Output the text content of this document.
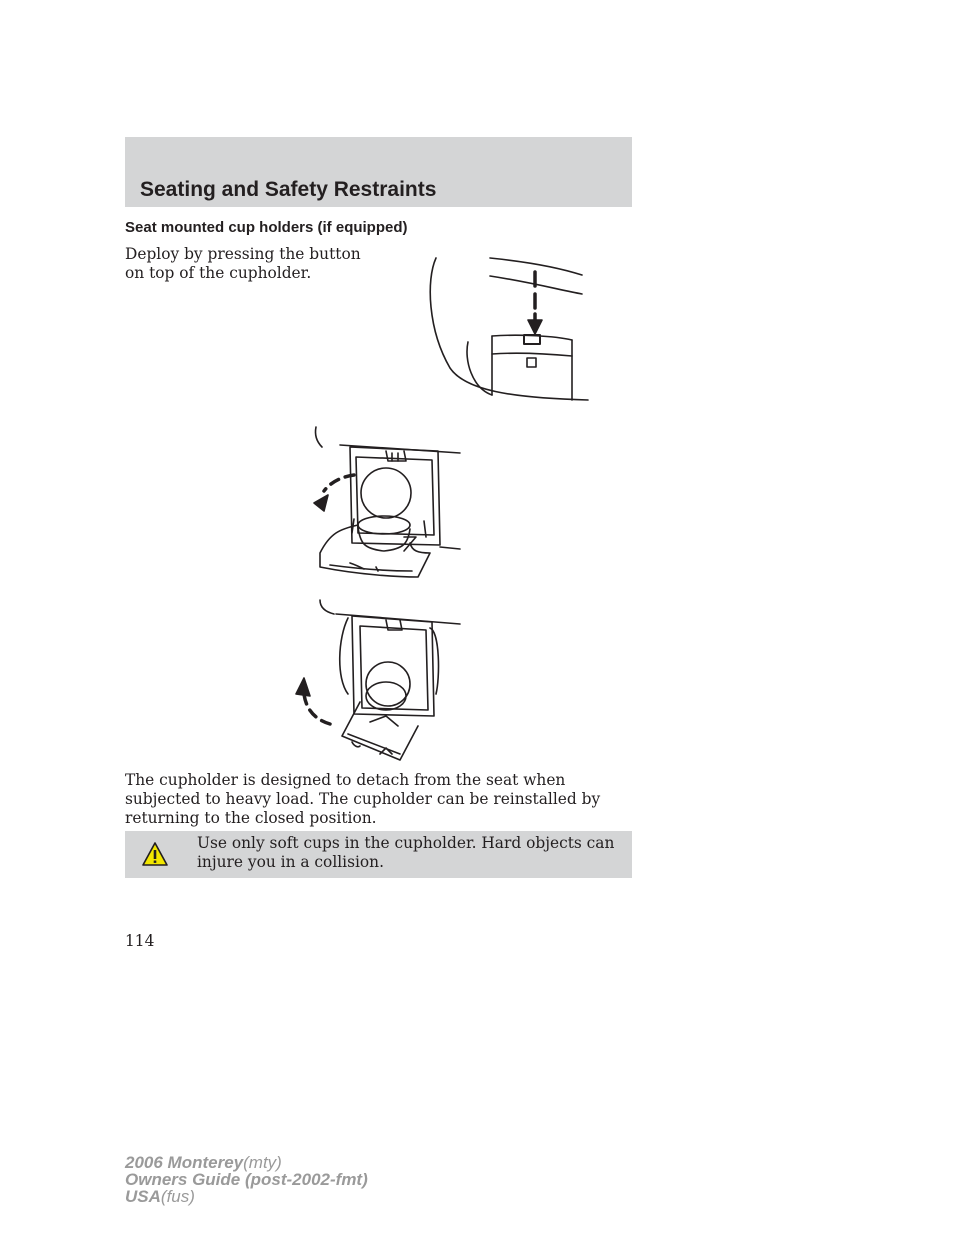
Seating and Safety Restraints
Seat mounted cup holders (if equipped)

Deploy by pressing the button on top of the cupholder.

The cupholder is designed to detach from the seat when subjected to heavy load. The cupholder can be reinstalled by returning to the closed position.

Use only soft cups in the cupholder. Hard objects can injure you in a collision.

114

2006 Monterey(mty)
Owners Guide (post-2002-fmt)
USA(fus)
